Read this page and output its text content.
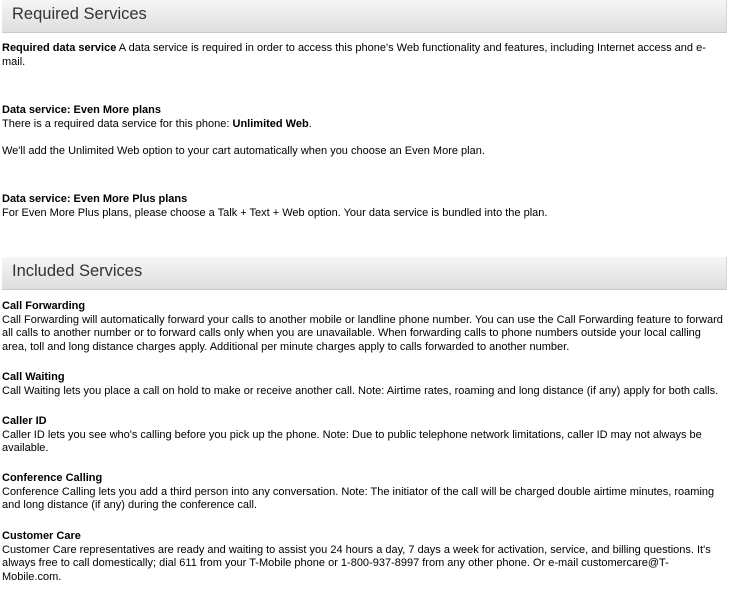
Required Services
Required data service A data service is required in order to access this phone's Web functionality and features, including Internet access and e-mail.
Data service: Even More plans
There is a required data service for this phone: Unlimited Web.
We'll add the Unlimited Web option to your cart automatically when you choose an Even More plan.
Data service: Even More Plus plans
For Even More Plus plans, please choose a Talk + Text + Web option. Your data service is bundled into the plan.
Included Services
Call Forwarding
Call Forwarding will automatically forward your calls to another mobile or landline phone number. You can use the Call Forwarding feature to forward all calls to another number or to forward calls only when you are unavailable. When forwarding calls to phone numbers outside your local calling area, toll and long distance charges apply. Additional per minute charges apply to calls forwarded to another number.
Call Waiting
Call Waiting lets you place a call on hold to make or receive another call. Note: Airtime rates, roaming and long distance (if any) apply for both calls.
Caller ID
Caller ID lets you see who's calling before you pick up the phone. Note: Due to public telephone network limitations, caller ID may not always be available.
Conference Calling
Conference Calling lets you add a third person into any conversation. Note: The initiator of the call will be charged double airtime minutes, roaming and long distance (if any) during the conference call.
Customer Care
Customer Care representatives are ready and waiting to assist you 24 hours a day, 7 days a week for activation, service, and billing questions. It's always free to call domestically; dial 611 from your T-Mobile phone or 1-800-937-8997 from any other phone. Or e-mail customercare@T-Mobile.com.
